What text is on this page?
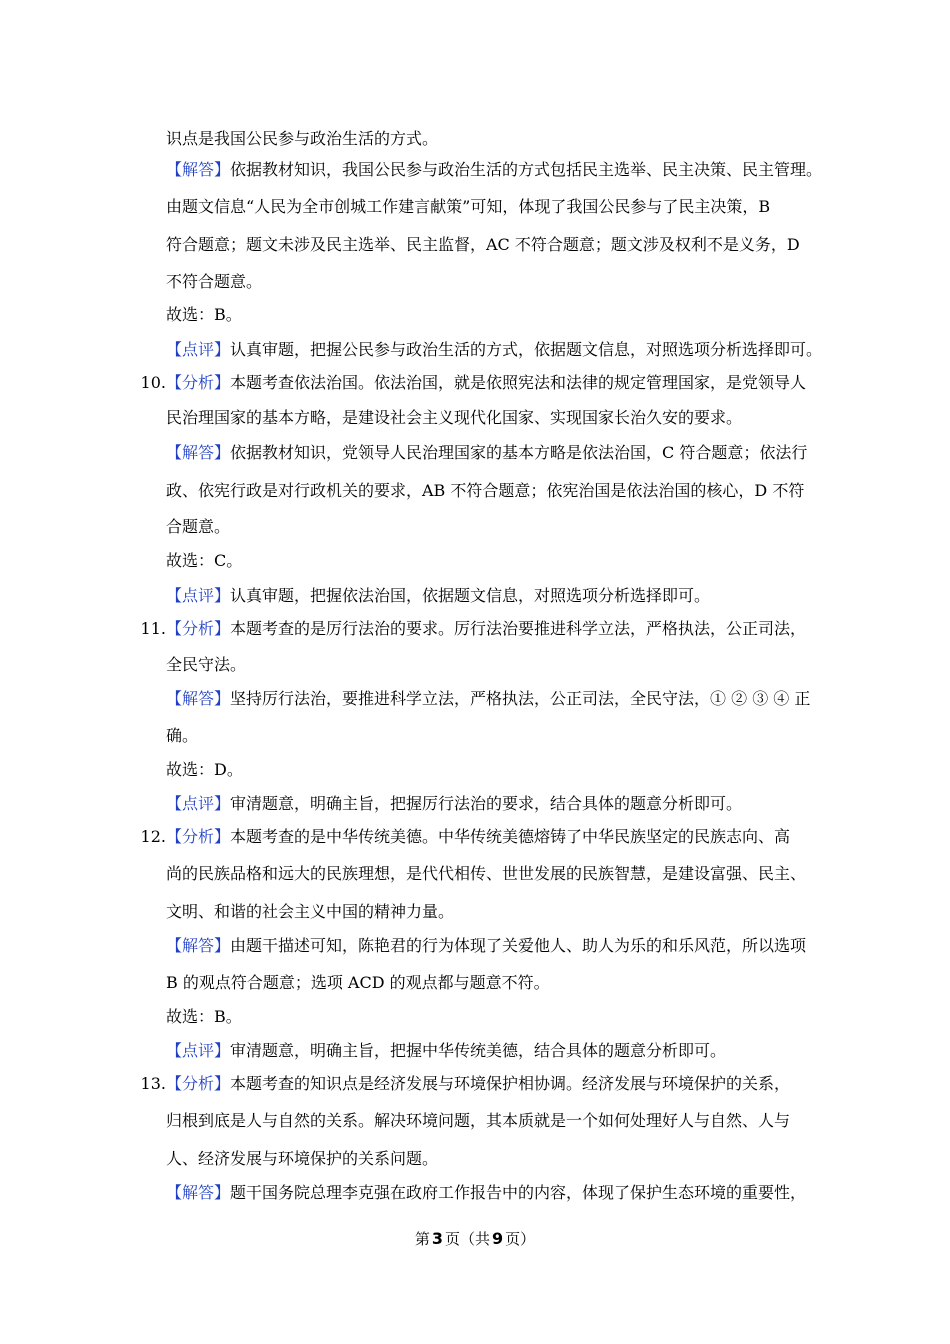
识点是我国公民参与政治生活的方式。
【解答】依据教材知识，我国公民参与政治生活的方式包括民主选举、民主决策、民主管理。
由题文信息“人民为全市创城工作建言献策”可知，体现了我国公民参与了民主决策，B
符合题意；题文未涉及民主选举、民主监督，AC 不符合题意；题文涉及权利不是义务，D
不符合题意。
故选：B。
【点评】认真审题，把握公民参与政治生活的方式，依据题文信息，对照选项分析选择即可。
10. 【分析】本题考查依法治国。依法治国，就是依照宪法和法律的规定管理国家，是党领导人
民治理国家的基本方略，是建设社会主义现代化国家、实现国家长治久安的要求。
【解答】依据教材知识，党领导人民治理国家的基本方略是依法治国，C 符合题意；依法行
政、依宪行政是对行政机关的要求，AB 不符合题意；依宪治国是依法治国的核心，D 不符
合题意。
故选：C。
【点评】认真审题，把握依法治国，依据题文信息，对照选项分析选择即可。
11. 【分析】本题考查的是厉行法治的要求。厉行法治要推进科学立法，严格执法，公正司法，
全民守法。
【解答】坚持厉行法治，要推进科学立法，严格执法，公正司法，全民守法，① ② ③ ④ 正
确。
故选：D。
【点评】审清题意，明确主旨，把握厉行法治的要求，结合具体的题意分析即可。
12. 【分析】本题考查的是中华传统美德。中华传统美德熔铸了中华民族坚定的民族志向、高
尚的民族品格和远大的民族理想，是代代相传、世世发展的民族智慧，是建设富强、民主、
文明、和谐的社会主义中国的精神力量。
【解答】由题干描述可知，陈艳君的行为体现了关爱他人、助人为乐的和乐风范，所以选项
B 的观点符合题意；选项 ACD 的观点都与题意不符。
故选：B。
【点评】审清题意，明确主旨，把握中华传统美德，结合具体的题意分析即可。
13. 【分析】本题考查的知识点是经济发展与环境保护相协调。经济发展与环境保护的关系，
归根到底是人与自然的关系。解决环境问题，其本质就是一个如何处理好人与自然、人与
人、经济发展与环境保护的关系问题。
【解答】题干国务院总理李克强在政府工作报告中的内容，体现了保护生态环境的重要性，
第 3 页（共 9 页）
